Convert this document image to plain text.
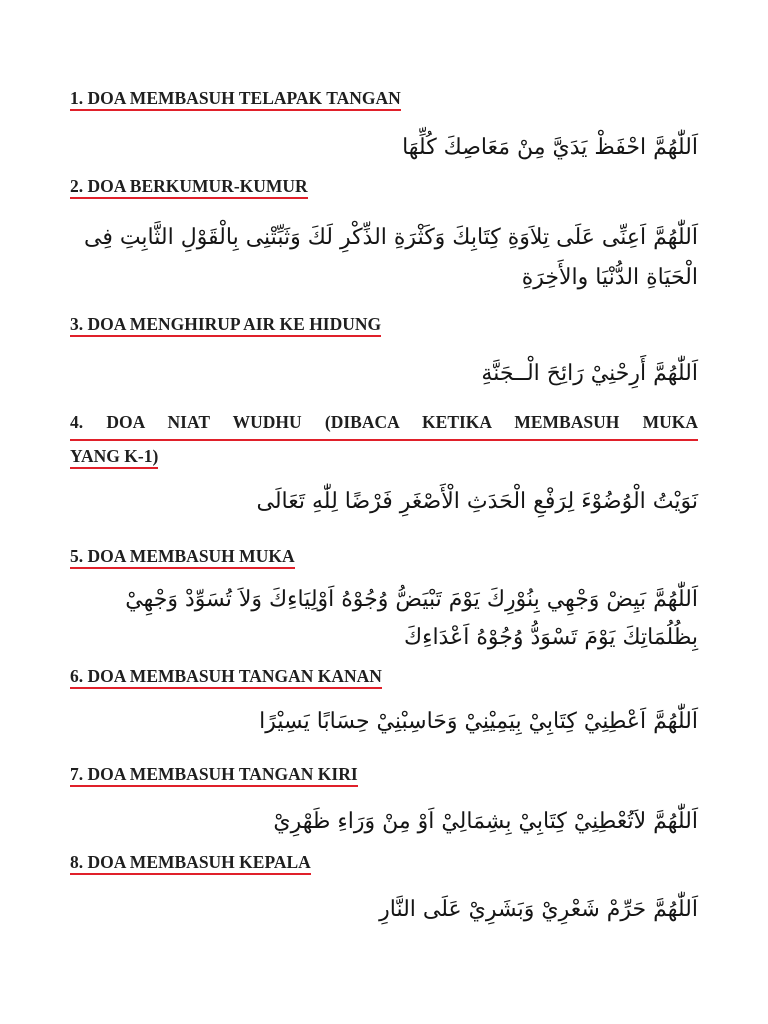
1. DOA MEMBASUH TELAPAK TANGAN

اَللّٰهُمَّ احْفَظْ يَدَيَّ مِنْ مَعَاصِكَ كُلِّهَا

2. DOA BERKUMUR-KUMUR

اَللّٰهُمَّ اَعِنِّى عَلَى تِلاَوَةِ كِتَابِكَ وَكَثْرَةِ الذِّكْرِ لَكَ وَثَبِّتْنِى بِالْقَوْلِ الثَّابِتِ فِى

الْحَيَاةِ الدُّنْيَا والأَخِرَةِ

3. DOA MENGHIRUP AIR KE HIDUNG

اَللّٰهُمَّ أَرِحْنِيْ رَائِحَ الْــجَنَّةِ

4. DOA NIAT WUDHU (DIBACA KETIKA MEMBASUH MUKA

YANG K-1)

نَوَيْتُ الْوُضُوْءَ لِرَفْعِ الْحَدَثِ الْأَصْغَرِ فَرْضًا لِلّٰهِ تَعَالَى

5. DOA MEMBASUH MUKA

اَللّٰهُمَّ بَيِضْ وَجْهِي بِنُوْرِكَ يَوْمَ تَبْيَضُّ وُجُوْهُ اَوْلِيَاءِكَ وَلاَ تُسَوِّدْ وَجْهِيْ

بِظُلُمَاتِكَ يَوْمَ تَسْوَدُّ وُجُوْهُ اَعْدَاءِكَ

6. DOA MEMBASUH TANGAN KANAN

اَللّٰهُمَّ اَعْطِنِيْ كِتَابِيْ بِيَمِيْنِيْ وَحَاسِبْنِيْ حِسَابًا يَسِيْرًا

7. DOA MEMBASUH TANGAN KIRI

اَللّٰهُمَّ لاَتُعْطِنِيْ كِتَابِيْ بِشِمَالِيْ اَوْ مِنْ وَرَاءِ ظَهْرِيْ

8. DOA MEMBASUH KEPALA

اَللّٰهُمَّ حَرِّمْ شَعْرِيْ وَبَشَرِيْ عَلَى النَّارِ
